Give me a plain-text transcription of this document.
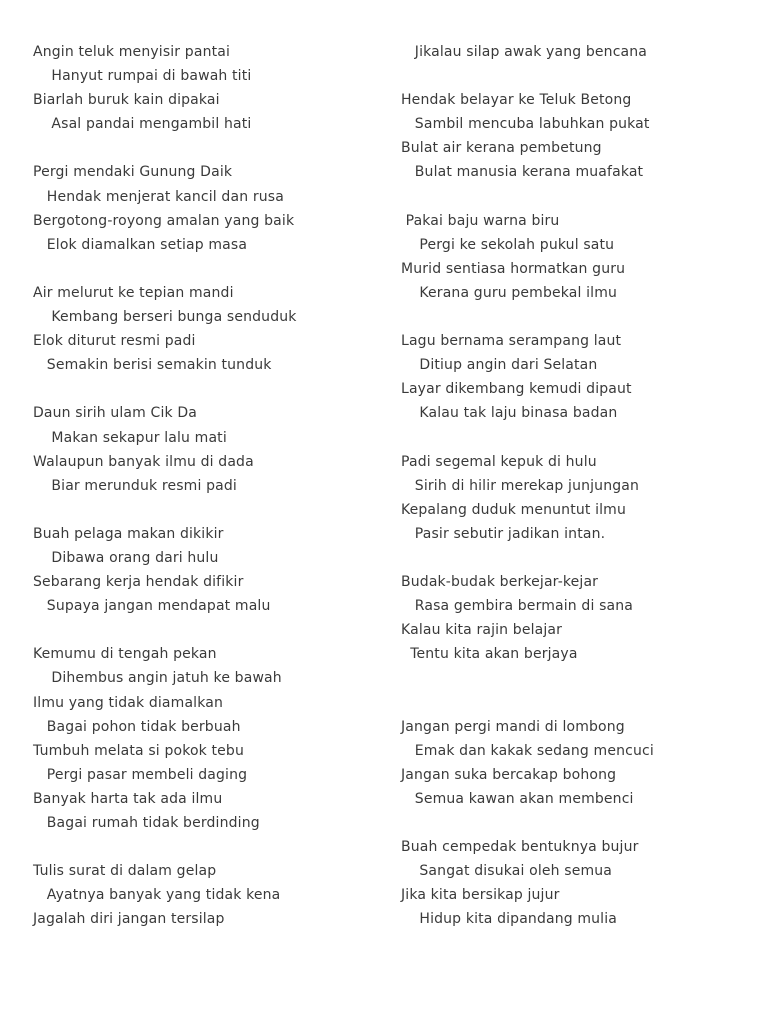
Angin teluk menyisir pantai
Hanyut rumpai di bawah titi
Biarlah buruk kain dipakai
Asal pandai mengambil hati
Pergi mendaki Gunung Daik
Hendak menjerat kancil dan rusa
Bergotong-royong amalan yang baik
Elok diamalkan setiap masa
Air melurut ke tepian mandi
Kembang berseri bunga senduduk
Elok diturut resmi padi
Semakin berisi semakin tunduk
Daun sirih ulam Cik Da
Makan sekapur lalu mati
Walaupun banyak ilmu di dada
Biar merunduk resmi padi
Buah pelaga makan dikikir
Dibawa orang dari hulu
Sebarang kerja hendak difikir
Supaya jangan mendapat malu
Kemumu di tengah pekan
Dihembus angin jatuh ke bawah
Ilmu yang tidak diamalkan
Bagai pohon tidak berbuah
Tumbuh melata si pokok tebu
Pergi pasar membeli daging
Banyak harta tak ada ilmu
Bagai rumah tidak berdinding
Tulis surat di dalam gelap
Ayatnya banyak yang tidak kena
Jagalah diri jangan tersilap
Jikalau silap awak yang bencana
Hendak belayar ke Teluk Betong
Sambil mencuba labuhkan pukat
Bulat air kerana pembetung
Bulat manusia kerana muafakat
Pakai baju warna biru
Pergi ke sekolah pukul satu
Murid sentiasa hormatkan guru
Kerana guru pembekal ilmu
Lagu bernama serampang laut
Ditiup angin dari Selatan
Layar dikembang kemudi dipaut
Kalau tak laju binasa badan
Padi segemal kepuk di hulu
Sirih di hilir merekap junjungan
Kepalang duduk menuntut ilmu
Pasir sebutir jadikan intan.
Budak-budak berkejar-kejar
Rasa gembira bermain di sana
Kalau kita rajin belajar
Tentu kita akan berjaya
Jangan pergi mandi di lombong
Emak dan kakak sedang mencuci
Jangan suka bercakap bohong
Semua kawan akan membenci
Buah cempedak bentuknya bujur
Sangat disukai oleh semua
Jika kita bersikap jujur
Hidup kita dipandang mulia
